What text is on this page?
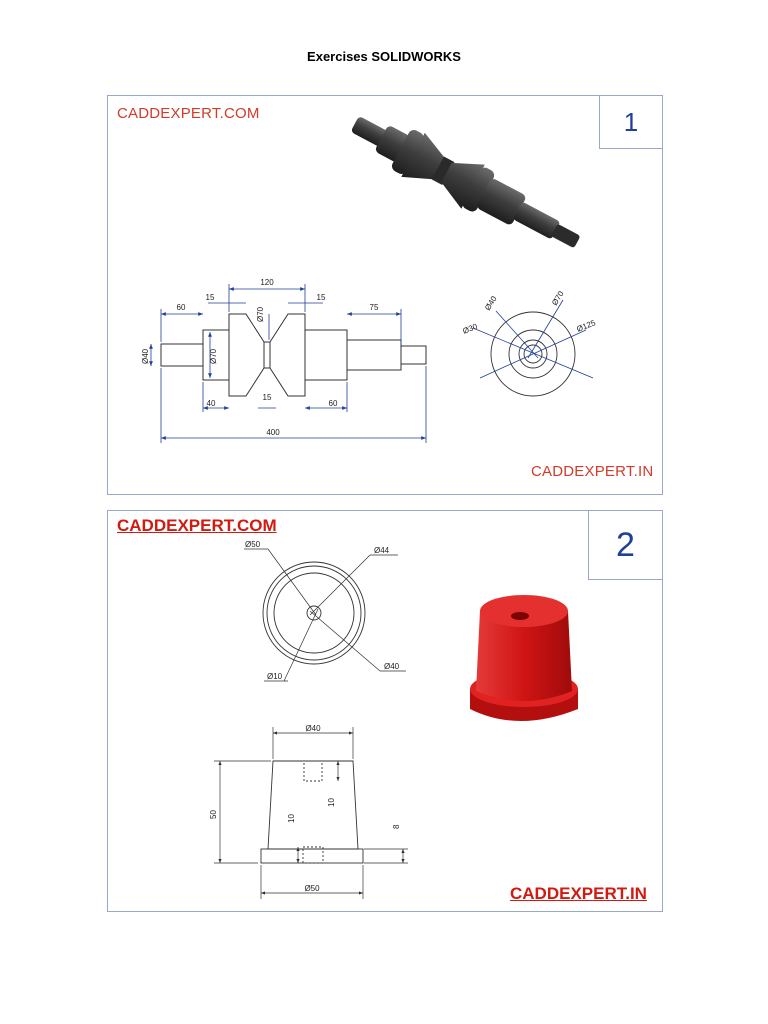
Exercises SOLIDWORKS
CADDEXPERT.COM	1
CADDEXPERT.IN
120
60
15	15
75
Ø70
Ø40	Ø70
40
15
60
400
Ø40	Ø70
Ø30	Ø125
CADDEXPERT.COM	2
CADDEXPERT.IN
Ø50
Ø44
Ø10
Ø40
Ø40
50
10
10
8
Ø50
